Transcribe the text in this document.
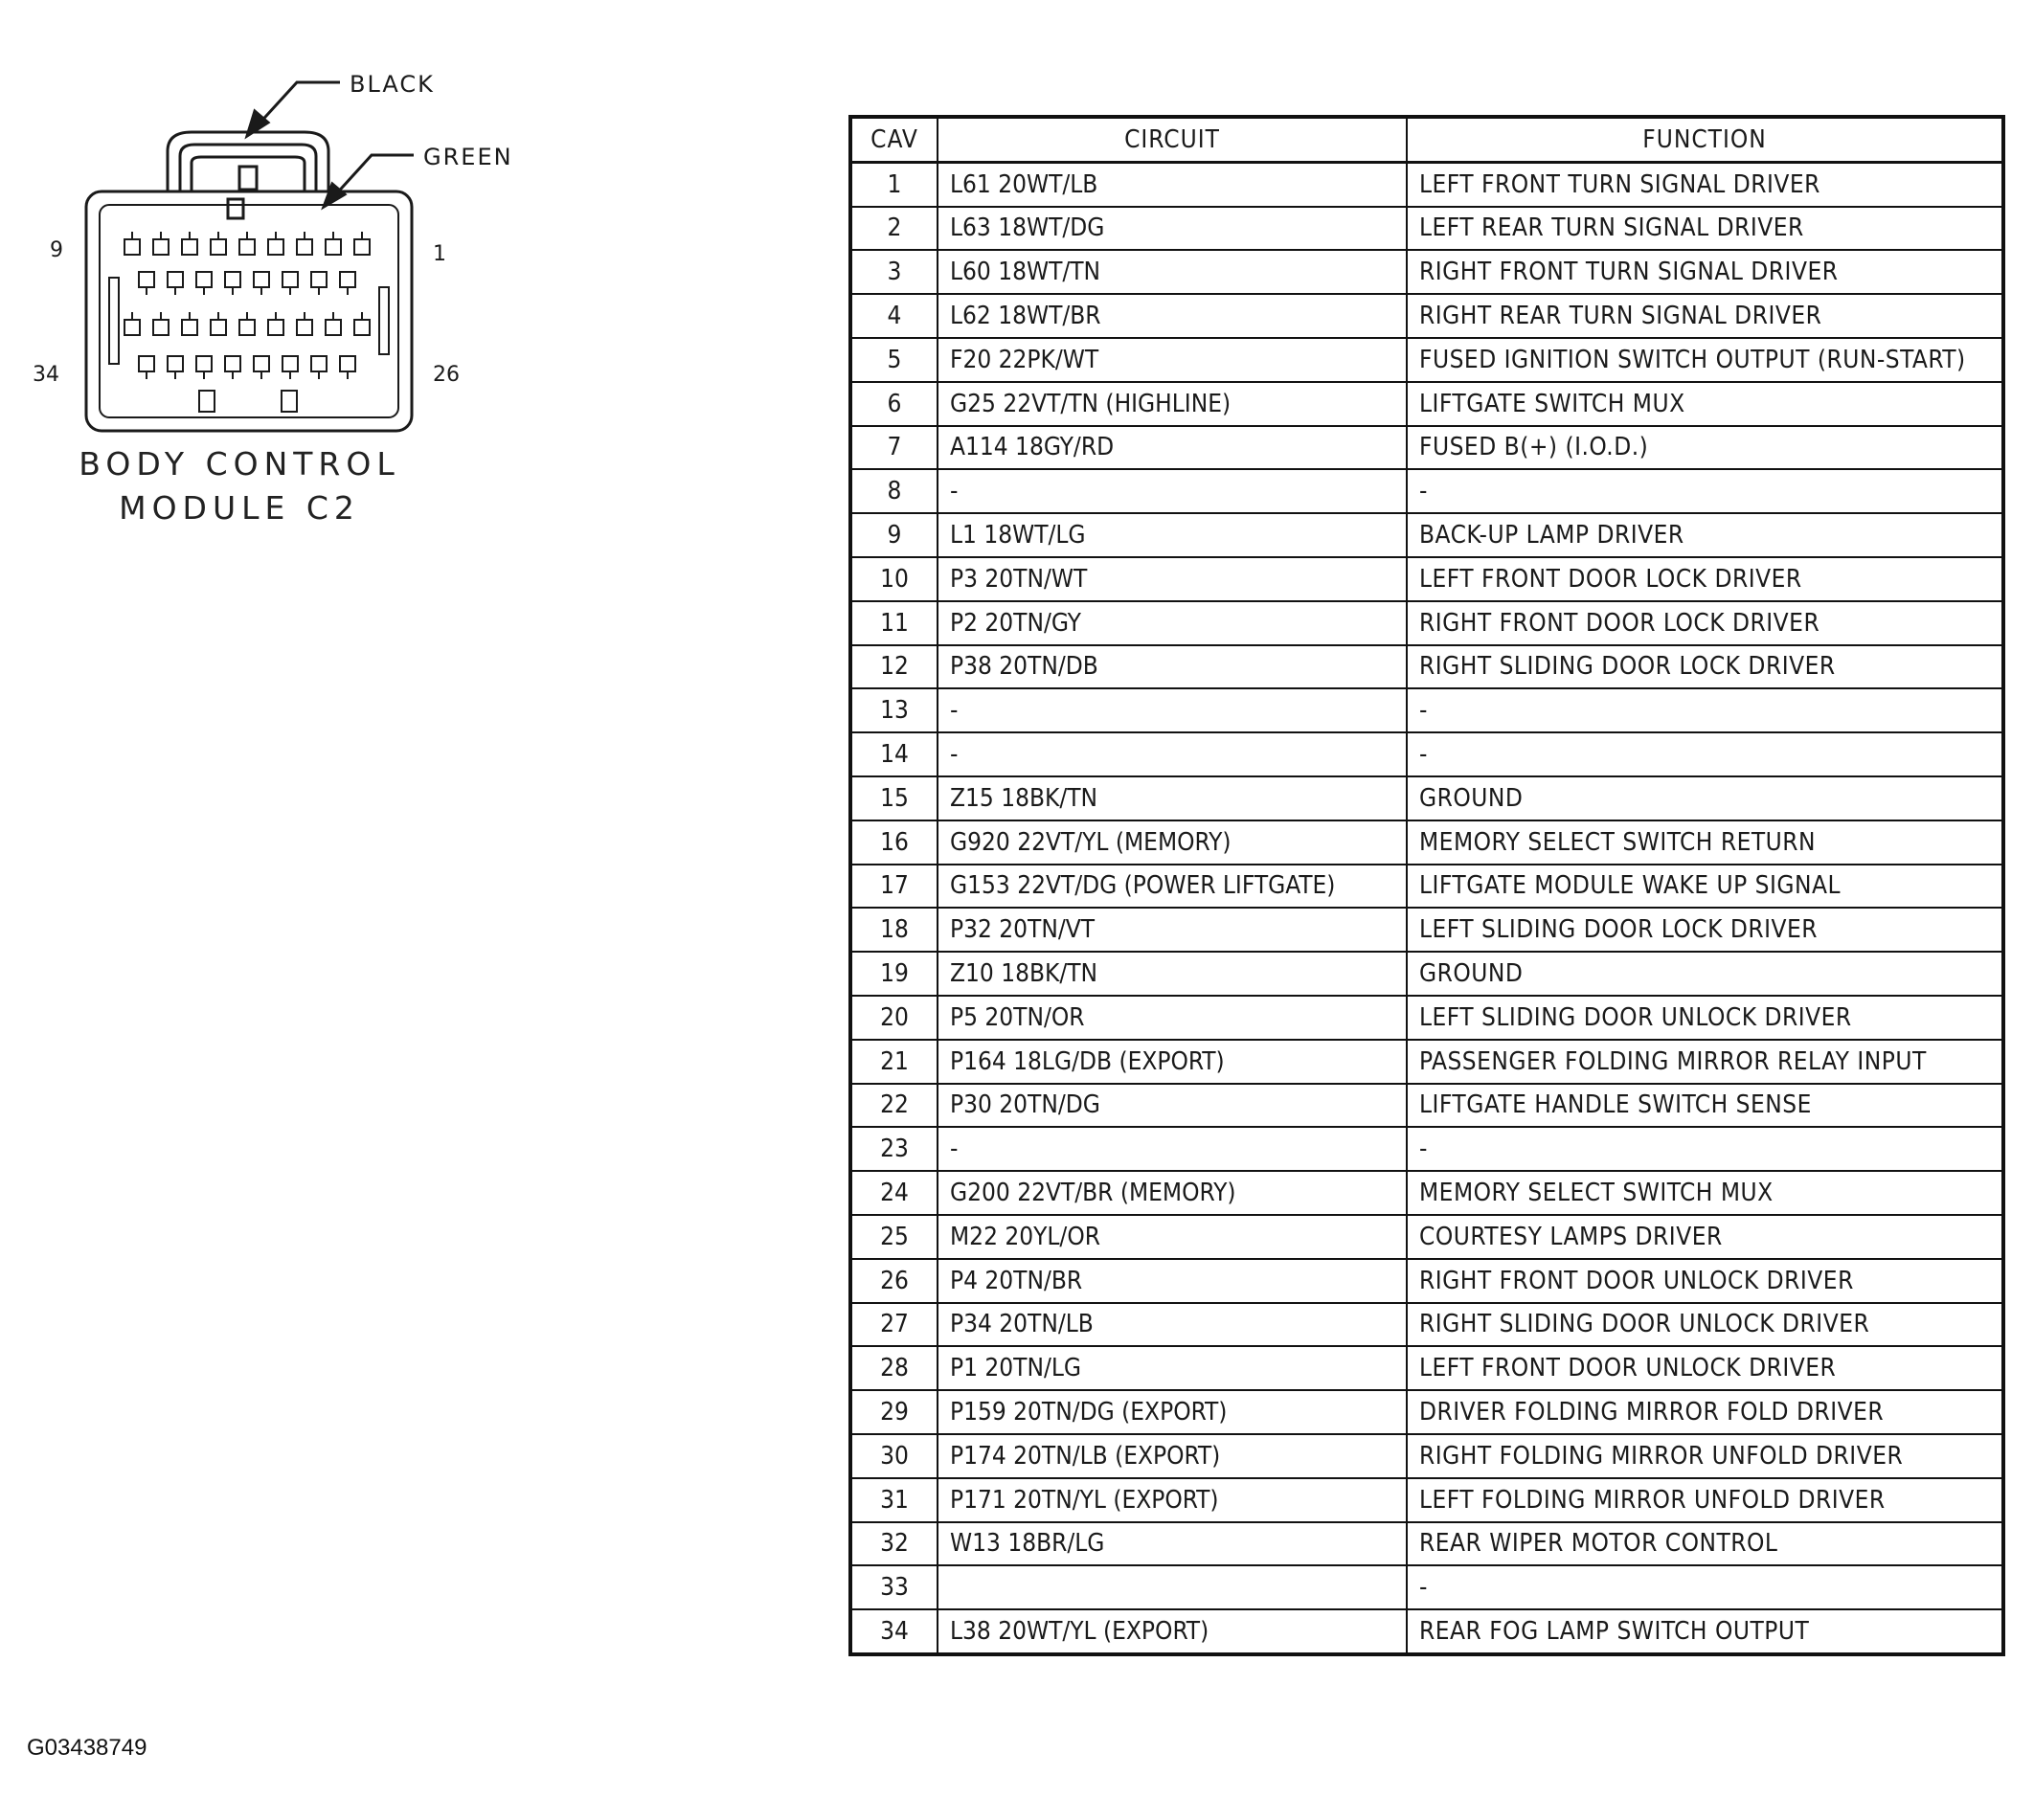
BLACK
GREEN
9	1
34	26
BODY CONTROL
MODULE C2
CAV	CIRCUIT	FUNCTION
1	L61 20WT/LB	LEFT FRONT TURN SIGNAL DRIVER
2	L63 18WT/DG	LEFT REAR TURN SIGNAL DRIVER
3	L60 18WT/TN	RIGHT FRONT TURN SIGNAL DRIVER
4	L62 18WT/BR	RIGHT REAR TURN SIGNAL DRIVER
5	F20 22PK/WT	FUSED IGNITION SWITCH OUTPUT (RUN-START)
6	G25 22VT/TN (HIGHLINE)	LIFTGATE SWITCH MUX
7	A114 18GY/RD	FUSED B(+) (I.O.D.)
8	-	-
9	L1 18WT/LG	BACK-UP LAMP DRIVER
10	P3 20TN/WT	LEFT FRONT DOOR LOCK DRIVER
11	P2 20TN/GY	RIGHT FRONT DOOR LOCK DRIVER
12	P38 20TN/DB	RIGHT SLIDING DOOR LOCK DRIVER
13	-	-
14	-	-
15	Z15 18BK/TN	GROUND
16	G920 22VT/YL (MEMORY)	MEMORY SELECT SWITCH RETURN
17	G153 22VT/DG (POWER LIFTGATE)	LIFTGATE MODULE WAKE UP SIGNAL
18	P32 20TN/VT	LEFT SLIDING DOOR LOCK DRIVER
19	Z10 18BK/TN	GROUND
20	P5 20TN/OR	LEFT SLIDING DOOR UNLOCK DRIVER
21	P164 18LG/DB (EXPORT)	PASSENGER FOLDING MIRROR RELAY INPUT
22	P30 20TN/DG	LIFTGATE HANDLE SWITCH SENSE
23	-	-
24	G200 22VT/BR (MEMORY)	MEMORY SELECT SWITCH MUX
25	M22 20YL/OR	COURTESY LAMPS DRIVER
26	P4 20TN/BR	RIGHT FRONT DOOR UNLOCK DRIVER
27	P34 20TN/LB	RIGHT SLIDING DOOR UNLOCK DRIVER
28	P1 20TN/LG	LEFT FRONT DOOR UNLOCK DRIVER
29	P159 20TN/DG (EXPORT)	DRIVER FOLDING MIRROR FOLD DRIVER
30	P174 20TN/LB (EXPORT)	RIGHT FOLDING MIRROR UNFOLD DRIVER
31	P171 20TN/YL (EXPORT)	LEFT FOLDING MIRROR UNFOLD DRIVER
32	W13 18BR/LG	REAR WIPER MOTOR CONTROL
33		-
34	L38 20WT/YL (EXPORT)	REAR FOG LAMP SWITCH OUTPUT
G03438749
